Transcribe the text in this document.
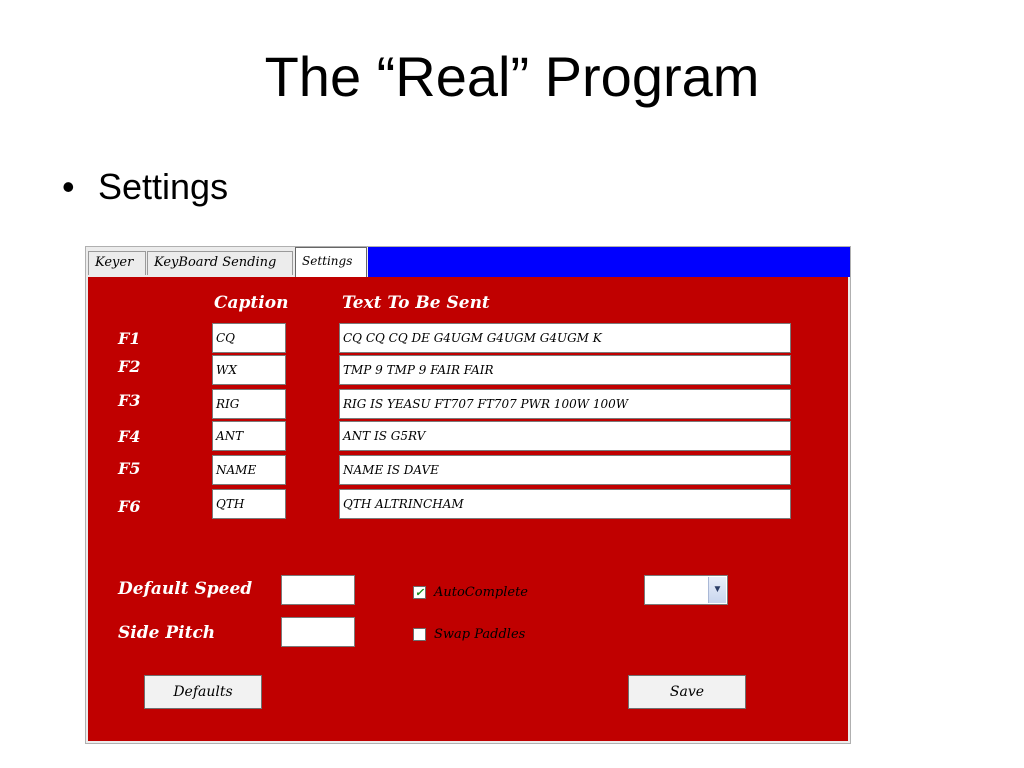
The “Real” Program
• Settings
Keyer	KeyBoard Sending	Settings
Caption	Text To Be Sent
F1	CQ	CQ CQ CQ DE G4UGM G4UGM G4UGM K
F2	WX	TMP 9 TMP 9 FAIR FAIR
F3	RIG	RIG IS YEASU FT707 FT707 PWR 100W 100W
F4	ANT	ANT IS G5RV
F5	NAME	NAME IS DAVE
F6	QTH	QTH ALTRINCHAM
Default Speed
Side Pitch
✓ AutoComplete
Swap Paddles
▼
Defaults	Save
